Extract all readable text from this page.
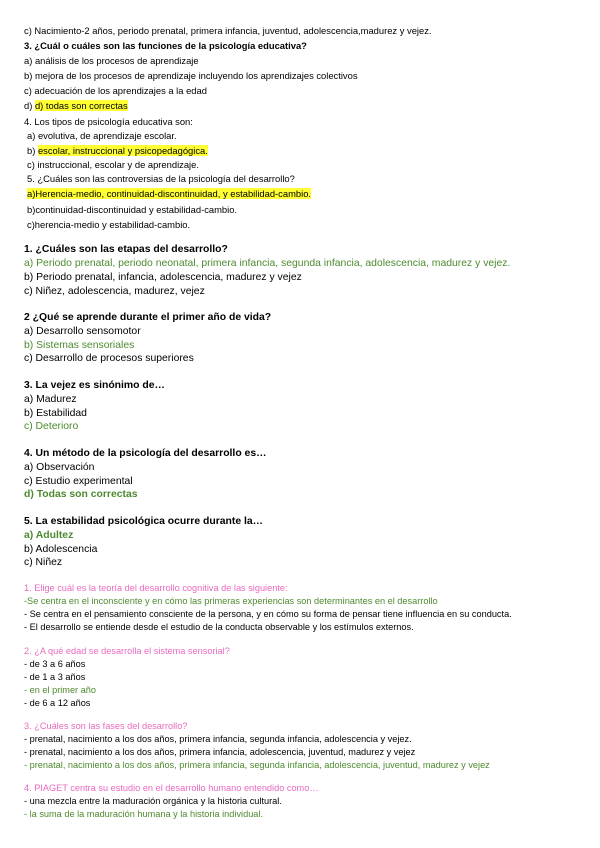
c) Nacimiento-2 años, periodo prenatal, primera infancia, juventud, adolescencia,madurez y vejez.
3. ¿Cuál o cuáles son las funciones de la psicología educativa?
a) análisis de los procesos de aprendizaje
b) mejora de los procesos de aprendizaje incluyendo los aprendizajes colectivos
c) adecuación de los aprendizajes a la edad
d) d) todas son correctas
4. Los tipos de psicología educativa son:
a) evolutiva, de aprendizaje escolar.
b) escolar, instruccional y psicopedagógica.
c) instruccional, escolar y de aprendizaje.
5. ¿Cuáles son las controversias de la psicología del desarrollo?
a)Herencia-medio, continuidad-discontinuidad, y estabilidad-cambio.
b)continuidad-discontinuidad y estabilidad-cambio.
c)herencia-medio y estabilidad-cambio.
1. ¿Cuáles son las etapas del desarrollo?
a) Periodo prenatal, periodo neonatal, primera infancia, segunda infancia, adolescencia, madurez y vejez.
b) Periodo prenatal, infancia, adolescencia, madurez y vejez
c) Niñez, adolescencia, madurez, vejez
2 ¿Qué se aprende durante el primer año de vida?
a) Desarrollo sensomotor
b) Sistemas sensoriales
c) Desarrollo de procesos superiores
3. La vejez es sinónimo de…
a) Madurez
b) Estabilidad
c) Deterioro
4. Un método de la psicología del desarrollo es…
a) Observación
c) Estudio experimental
d) Todas son correctas
5. La estabilidad psicológica ocurre durante la…
a) Adultez
b) Adolescencia
c) Niñez
1. Elige cuál es la teoría del desarrollo cognitiva de las siguiente:
-Se centra en el inconsciente y en cómo las primeras experiencias son determinantes en el desarrollo
- Se centra en el pensamiento consciente de la persona, y en cómo su forma de pensar tiene influencia en su conducta.
- El desarrollo se entiende desde el estudio de la conducta observable y los estímulos externos.
2. ¿A qué edad se desarrolla el sistema sensorial?
- de 3 a 6 años
- de 1 a 3 años
- en el primer año
- de 6 a 12 años
3. ¿Cuáles son las fases del desarrollo?
- prenatal, nacimiento a los dos años, primera infancia, segunda infancia, adolescencia y vejez.
- prenatal, nacimiento a los dos años, primera infancia, adolescencia, juventud, madurez y vejez
- prenatal, nacimiento a los dos años, primera infancia, segunda infancia, adolescencia, juventud, madurez y vejez
4. PIAGET centra su estudio en el desarrollo humano entendido como…
- una mezcla entre la maduración orgánica y la historia cultural.
- la suma de la maduración humana y la historia individual.
